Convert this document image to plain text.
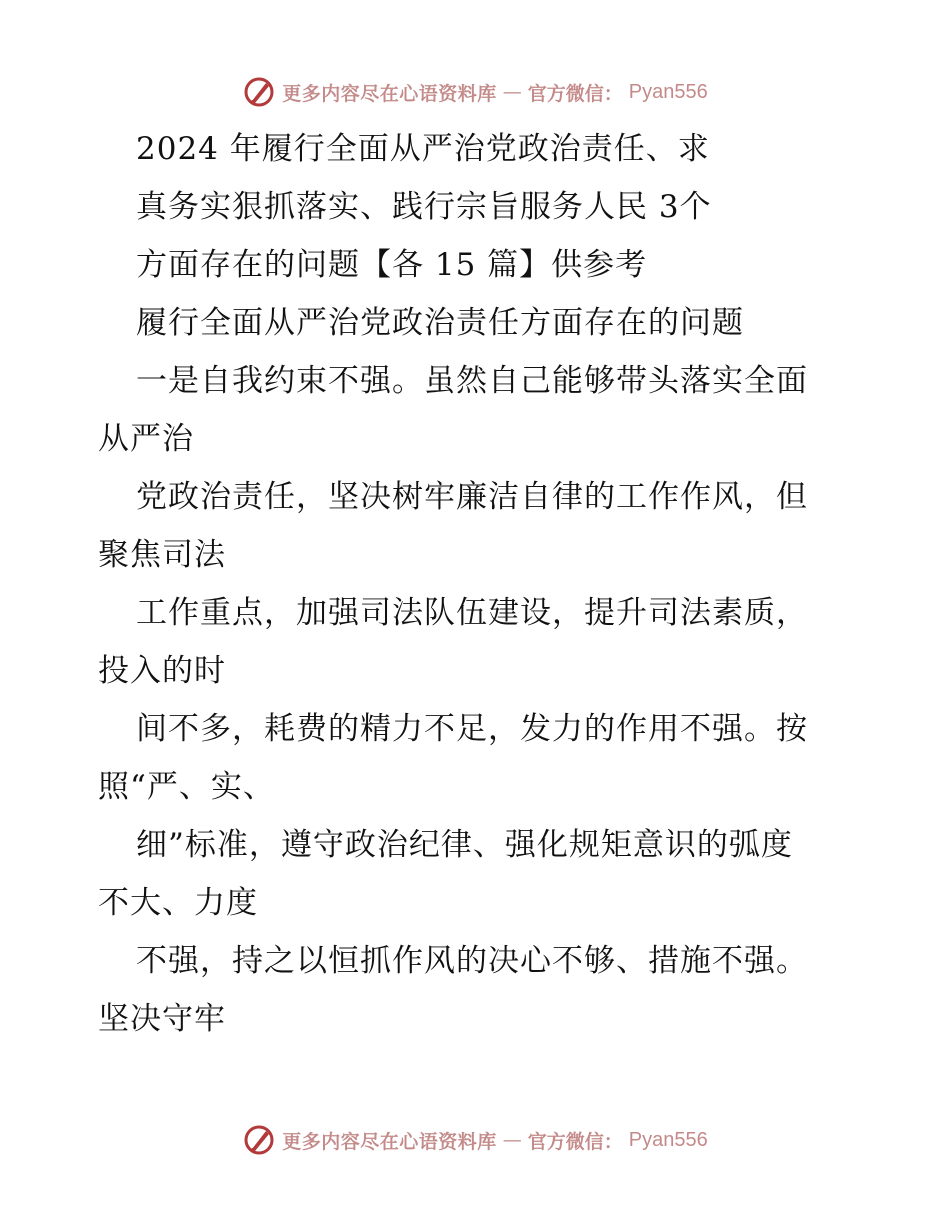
更多内容尽在心语资料库 — 官方微信： Pyan556
2024 年履行全面从严治党政治责任、求
真务实狠抓落实、践行宗旨服务人民 3个
方面存在的问题【各 15 篇】供参考
履行全面从严治党政治责任方面存在的问题
一是自我约束不强。虽然自己能够带头落实全面
从严治
党政治责任，坚决树牢廉洁自律的工作作风，但
聚焦司法
工作重点，加强司法队伍建设，提升司法素质，
投入的时
间不多，耗费的精力不足，发力的作用不强。按
照“严、实、
细”标准，遵守政治纪律、强化规矩意识的弧度
不大、力度
不强，持之以恒抓作风的决心不够、措施不强。
坚决守牢
更多内容尽在心语资料库 — 官方微信： Pyan556
